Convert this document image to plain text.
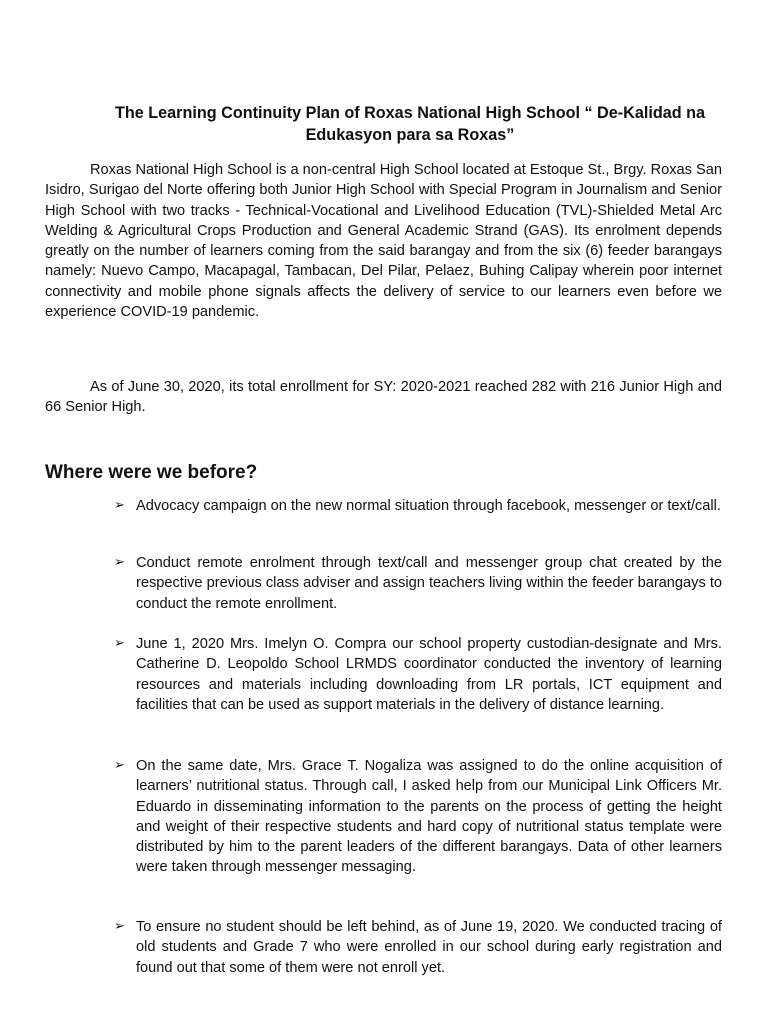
The Learning Continuity Plan of Roxas National High School “ De-Kalidad na Edukasyon para sa Roxas”

Roxas National High School is a non-central High School located at Estoque St., Brgy. Roxas San Isidro, Surigao del Norte offering both Junior High School with Special Program in Journalism and Senior High School with two tracks - Technical-Vocational and Livelihood Education (TVL)-Shielded Metal Arc Welding & Agricultural Crops Production and General Academic Strand (GAS). Its enrolment depends greatly on the number of learners coming from the said barangay and from the six (6) feeder barangays namely: Nuevo Campo, Macapagal, Tambacan, Del Pilar, Pelaez, Buhing Calipay wherein poor internet connectivity and mobile phone signals affects the delivery of service to our learners even before we experience COVID-19 pandemic.

As of June 30, 2020, its total enrollment for SY: 2020-2021 reached 282 with 216 Junior High and 66 Senior High.

Where were we before?
➢ Advocacy campaign on the new normal situation through facebook, messenger or text/call.
➢ Conduct remote enrolment through text/call and messenger group chat created by the respective previous class adviser and assign teachers living within the feeder barangays to conduct the remote enrollment.
➢ June 1, 2020 Mrs. Imelyn O. Compra our school property custodian-designate and Mrs. Catherine D. Leopoldo School LRMDS coordinator conducted the inventory of learning resources and materials including downloading from LR portals, ICT equipment and facilities that can be used as support materials in the delivery of distance learning.
➢ On the same date, Mrs. Grace T. Nogaliza was assigned to do the online acquisition of learners’ nutritional status. Through call, I asked help from our Municipal Link Officers Mr. Eduardo in disseminating information to the parents on the process of getting the height and weight of their respective students and hard copy of nutritional status template were distributed by him to the parent leaders of the different barangays. Data of other learners were taken through messenger messaging.
➢ To ensure no student should be left behind, as of June 19, 2020. We conducted tracing of old students and Grade 7 who were enrolled in our school during early registration and found out that some of them were not enroll yet.
